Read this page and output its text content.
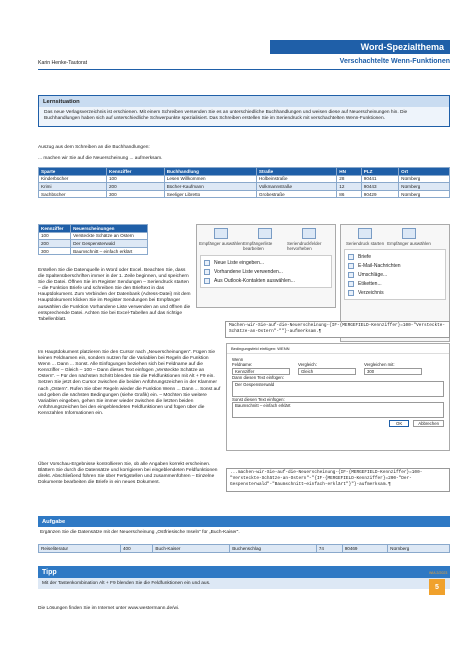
Word-Spezialthema
Karin Henke-Tautorat	Verschachtelte Wenn-Funktionen
Lernsituation
Das neue Verlagsverzeichnis ist erschienen. Mit einem Schreiben versenden Sie es an unterschiedliche Buchhandlungen und weisen diese auf Neuerscheinungen hin. Die Buchhandlungen haben sich auf unterschiedliche Schwerpunkte spezialisiert. Das Schreiben erstellen Sie im Seriendruck mit verschachtelten Wenn-Funktionen.
Auszug aus dem Schreiben an die Buchhandlungen:
... machen wir Sie auf die Neuerscheinung ... aufmerksam.
Sparte	Kennziffer	Buchhandlung	Straße	HN	PLZ	Ort
Kinderbücher	100	Lesen Willkommen	Holbeinstraße	28	90441	Nürnberg
Krimi	200	Bücher-Kaufmann	Volkmannstraße	12	90443	Nürnberg
Sachbücher	300	Seeliger Libretto	Grobestraße	86	90429	Nürnberg
Kennziffer	Neuerscheinungen
100	Versteckte Schätze an Ostern
200	Der Gespensterwald
300	Baumschnitt – einfach erklärt
Empfänger auswählen Empfängerliste bearbeiten
Seriendruckfelder hervorheben
Neue Liste eingeben...
Vorhandene Liste verwenden...
Aus Outlook-Kontakten auswählen...
Seriendruck starten Empfänger auswählen
Briefe
E-Mail-Nachrichten
Umschläge...
Etiketten...
Verzeichnis
Erstellen Sie die Datenquelle in Word oder Excel. Beachten Sie, dass die Spaltenüberschriften immer in der 1. Zeile beginnen, und speichern Sie die Datei. Öffnen Sie im Register Sendungen – Seriendruck starten – die Funktion Briefe und schreiben Sie den Brieftext in das Hauptdokument. Zum Verbinden der Datenbank (Adress-Datei) mit dem Hauptdokument klicken Sie im Register Sendungen bei Empfänger auswählen die Funktion Vorhandene Liste verwenden an und öffnen die entsprechende Datei. Achten Sie bei Excel-Tabellen auf das richtige Tabellenblatt.
Machen-wir-Sie-auf-die-Neuerscheinung-{IF-{MERGEFIELD-Kennziffer}=100-"Versteckte-Schätze-an-Ostern"-""}-aufmerksam.¶
Im Hauptdokument platzieren Sie den Cursor nach „Neuerscheinungen“. Fügen Sie keinen Feldnamen ein, sondern nutzen für die Variablen bei Regeln die Funktion Wenn ... Dann ... Sonst. Alle Einfügungen beziehen sich bei Feldname auf die Kennziffer – Gleich – 100 – Dann dieses Text einfügen „Versteckte Schätze an Ostern“. – Für den nächsten Schritt blenden Sie die Feldfunktionen mit Alt + F9 ein. Setzen Sie jetzt den Cursor zwischen die beiden Anführungszeichen in der Klammer nach „Ostern“. Rufen Sie über Regeln wieder die Funktion Wenn ... Dann ... Sonst auf und geben die nächsten Bedingungen (siehe Grafik) ein. – Möchten Sie weitere Variablen eingeben, gehen Sie immer wieder zwischen die letzten beiden Anführungszeichen bei den eingeblendeten Feldfunktionen und fügen über die Kennzahlen Informationen ein.
Bedingungsfeld einfügen: WENN
Wenn
Feldname:
Kennziffer
Vergleich:
Gleich
Vergleichen mit:
300
Dann diesen Text einfügen:
Der Gespensterwald
Sonst diesen Text einfügen:
Baumschnitt – einfach erklärt
OK	Abbrechen
Über Vorschau-Ergebnisse kontrollieren Sie, ob alle Angaben korrekt erscheinen. Blättern Sie durch die Datensätze und korrigieren bei eingeblendeten Feldfunktionen direkt. Abschließend führen Sie über Fertigstellen und zusammenführen – Einzelne Dokumente bearbeiten die Briefe in ein neues Dokument.
...machen-wir-Sie-auf-die-Neuerscheinung-{IF-{MERGEFIELD-Kennziffer}=100-"Versteckte-Schätze-an-Ostern"-"{IF-{MERGEFIELD-Kennziffer}=200-"Der-Gespensterwald"-"Baumschnitt—einfach-erklärt"}"}-aufmerksam.¶
Aufgabe
Ergänzen Sie die Datensätze mit der Neuerscheinung „Ostfriesische Inseln“ für „Buch-Kaiser“.
Reiseliteratur	400	Buch-Kaiser	Buchenschlag	74	90469	Nürnberg
Tipp
Mit der Tastenkombination Alt + F9 blenden Sie die Feldfunktionen ein und aus.
Die Lösungen finden Sie im Internet unter www.westermann.de/wi.
WiA 2/2023
5
